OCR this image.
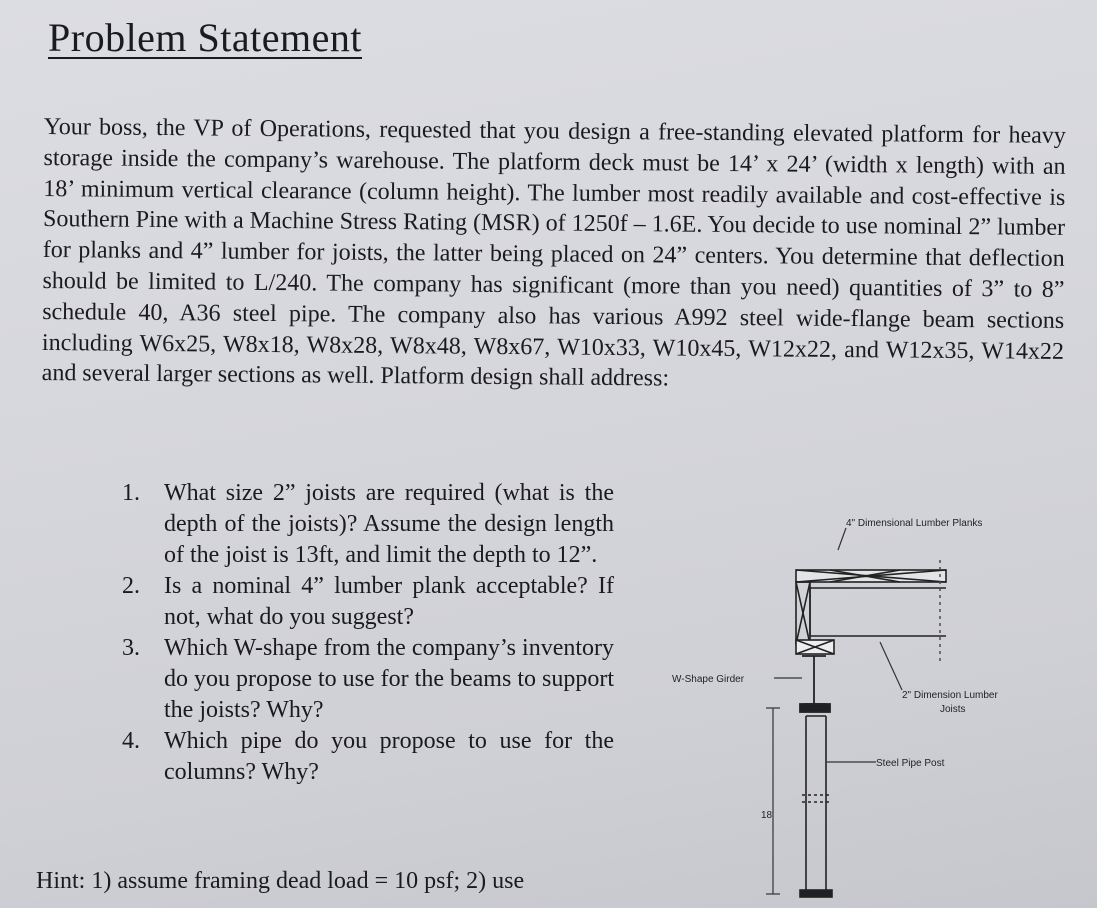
Problem Statement
Your boss, the VP of Operations, requested that you design a free-standing elevated platform for heavy storage inside the company’s warehouse. The platform deck must be 14’ x 24’ (width x length) with an 18’ minimum vertical clearance (column height). The lumber most readily available and cost-effective is Southern Pine with a Machine Stress Rating (MSR) of 1250f – 1.6E. You decide to use nominal 2” lumber for planks and 4” lumber for joists, the latter being placed on 24” centers. You determine that deflection should be limited to L/240. The company has significant (more than you need) quantities of 3” to 8” schedule 40, A36 steel pipe. The company also has various A992 steel wide-flange beam sections including W6x25, W8x18, W8x28, W8x48, W8x67, W10x33, W10x45, W12x22, and W12x35, W14x22 and several larger sections as well. Platform design shall address:
1. What size 2” joists are required (what is the depth of the joists)? Assume the design length of the joist is 13ft, and limit the depth to 12”.
2. Is a nominal 4” lumber plank acceptable? If not, what do you suggest?
3. Which W-shape from the company’s inventory do you propose to use for the beams to support the joists? Why?
4. Which pipe do you propose to use for the columns? Why?
Hint: 1) assume framing dead load = 10 psf; 2) use
18'
4" Dimensional Lumber Planks
W-Shape Girder
2" Dimension Lumber
Joists
Steel Pipe Post
